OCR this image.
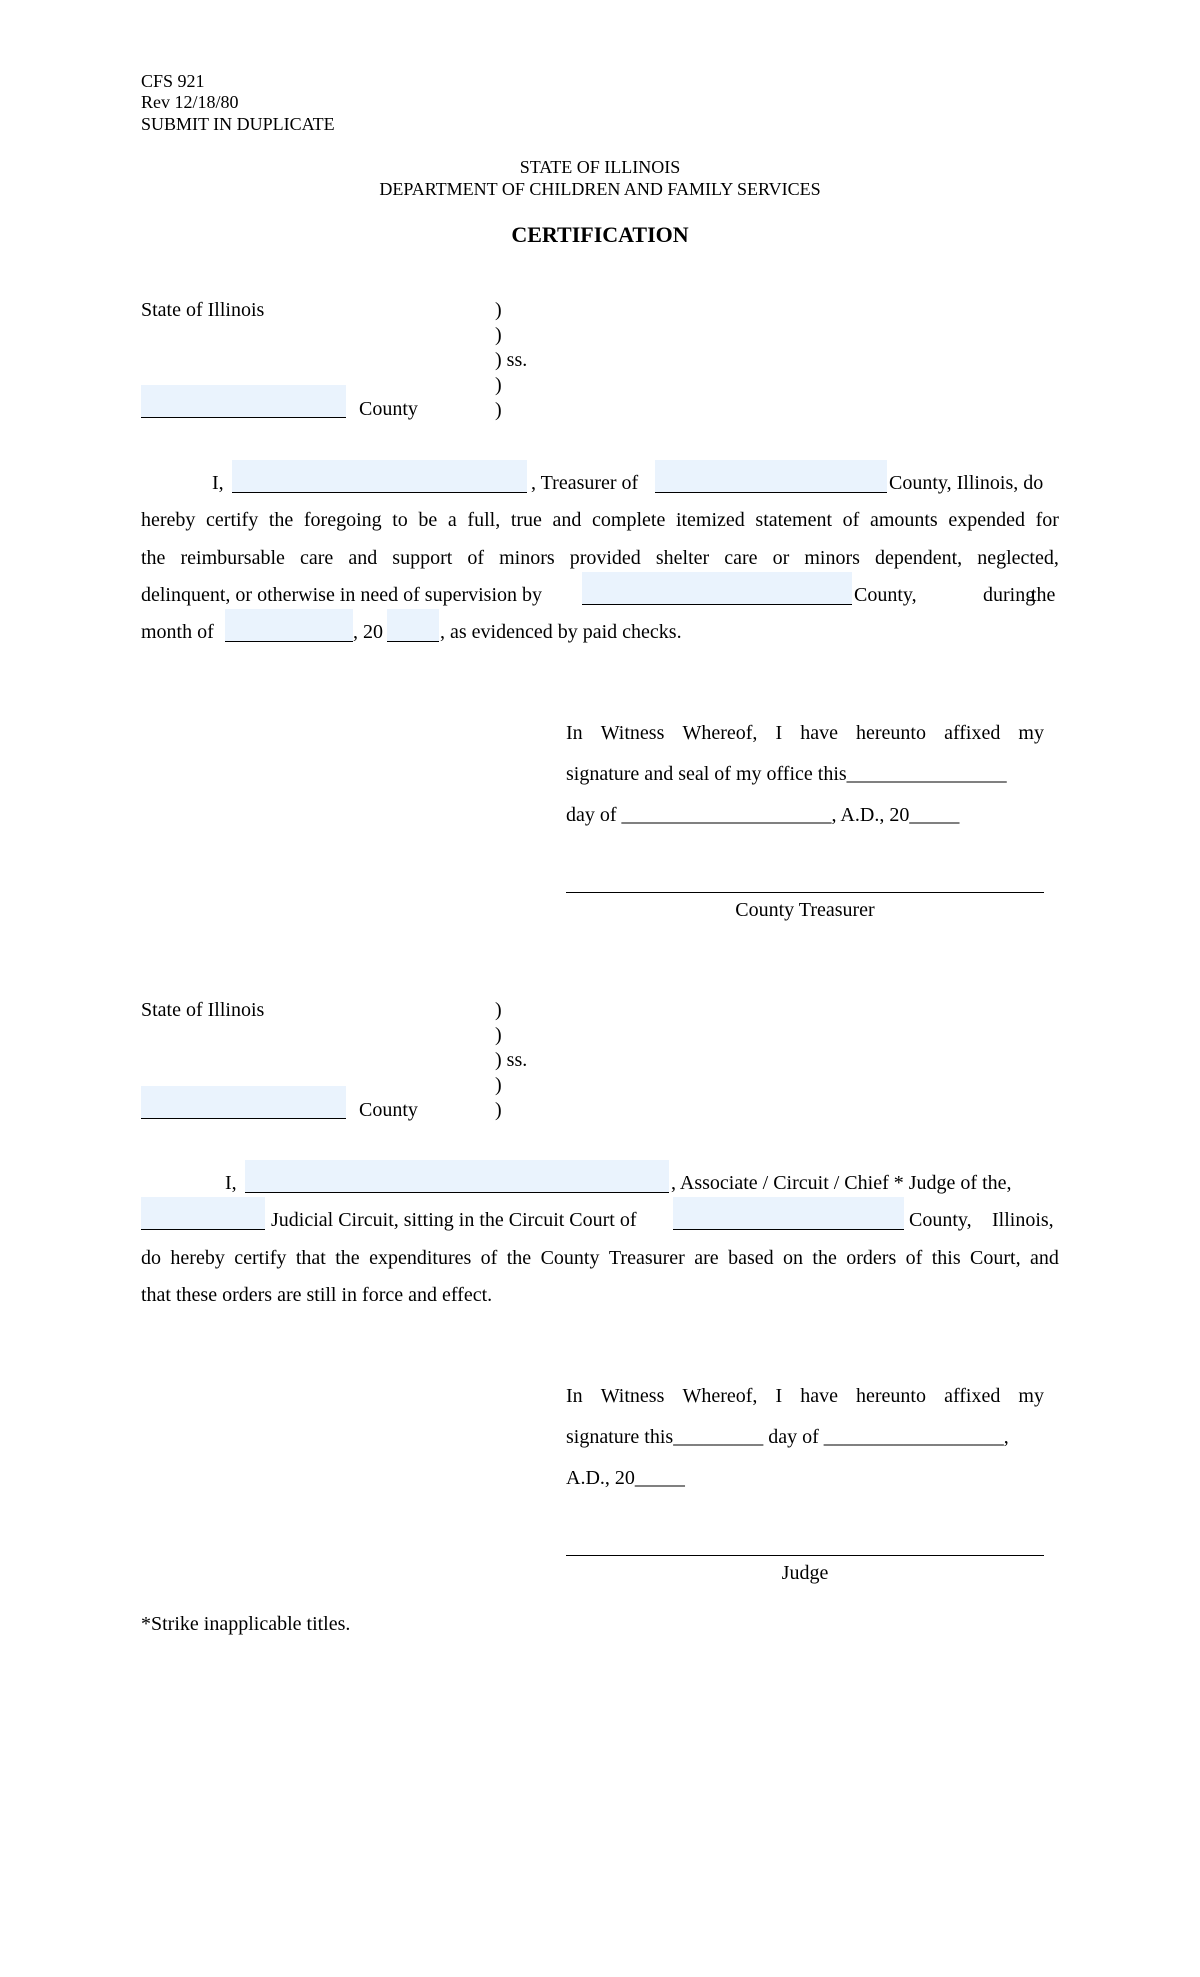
CFS 921
Rev 12/18/80
SUBMIT IN DUPLICATE
STATE OF ILLINOIS
DEPARTMENT OF CHILDREN AND FAMILY SERVICES
CERTIFICATION
State of Illinois
County
)
)
) ss.
)
)
I,	, Treasurer of	County, Illinois, do
hereby certify the foregoing to be a full, true and complete itemized statement of amounts expended for
the reimbursable care and support of minors provided shelter care or minors dependent, neglected,
delinquent, or otherwise in need of supervision by	County,	during
the
month of	, 20	, as evidenced by paid checks.
In Witness Whereof, I have hereunto affixed my
signature and seal of my office this________________
day of _____________________, A.D., 20_____
County Treasurer
State of Illinois
County
)
)
) ss.
)
)
I,	, Associate / Circuit / Chief * Judge of the,
Judicial Circuit, sitting in the Circuit Court of	County, Illinois,
do hereby certify that the expenditures of the County Treasurer are based on the orders of this Court, and
that these orders are still in force and effect.
In Witness Whereof, I have hereunto affixed my
signature this_________ day of __________________,
A.D., 20_____
Judge
*Strike inapplicable titles.
